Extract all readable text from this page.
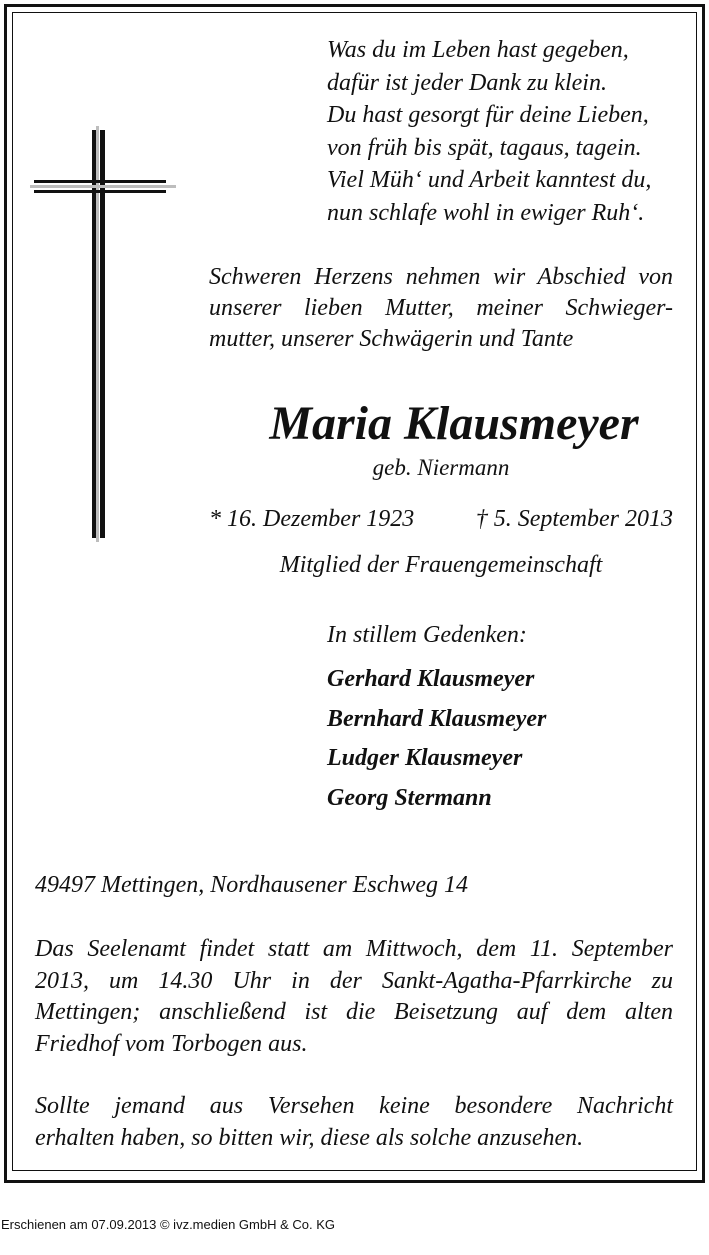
Was du im Leben hast gegeben,
dafür ist jeder Dank zu klein.
Du hast gesorgt für deine Lieben,
von früh bis spät, tagaus, tagein.
Viel Müh‘ und Arbeit kanntest du,
nun schlafe wohl in ewiger Ruh‘.
Schweren Herzens nehmen wir Abschied von
unserer lieben Mutter, meiner Schwieger-
mutter, unserer Schwägerin und Tante
Maria Klausmeyer
geb. Niermann
* 16. Dezember 1923	† 5. September 2013
Mitglied der Frauengemeinschaft
In stillem Gedenken:
Gerhard Klausmeyer
Bernhard Klausmeyer
Ludger Klausmeyer
Georg Stermann
49497 Mettingen, Nordhausener Eschweg 14
Das Seelenamt findet statt am Mittwoch, dem 11. September
2013, um 14.30 Uhr in der Sankt-Agatha-Pfarrkirche zu
Mettingen; anschließend ist die Beisetzung auf dem alten
Friedhof vom Torbogen aus.
Sollte jemand aus Versehen keine besondere Nachricht
erhalten haben, so bitten wir, diese als solche anzusehen.
Erschienen am 07.09.2013 © ivz.medien GmbH & Co. KG
